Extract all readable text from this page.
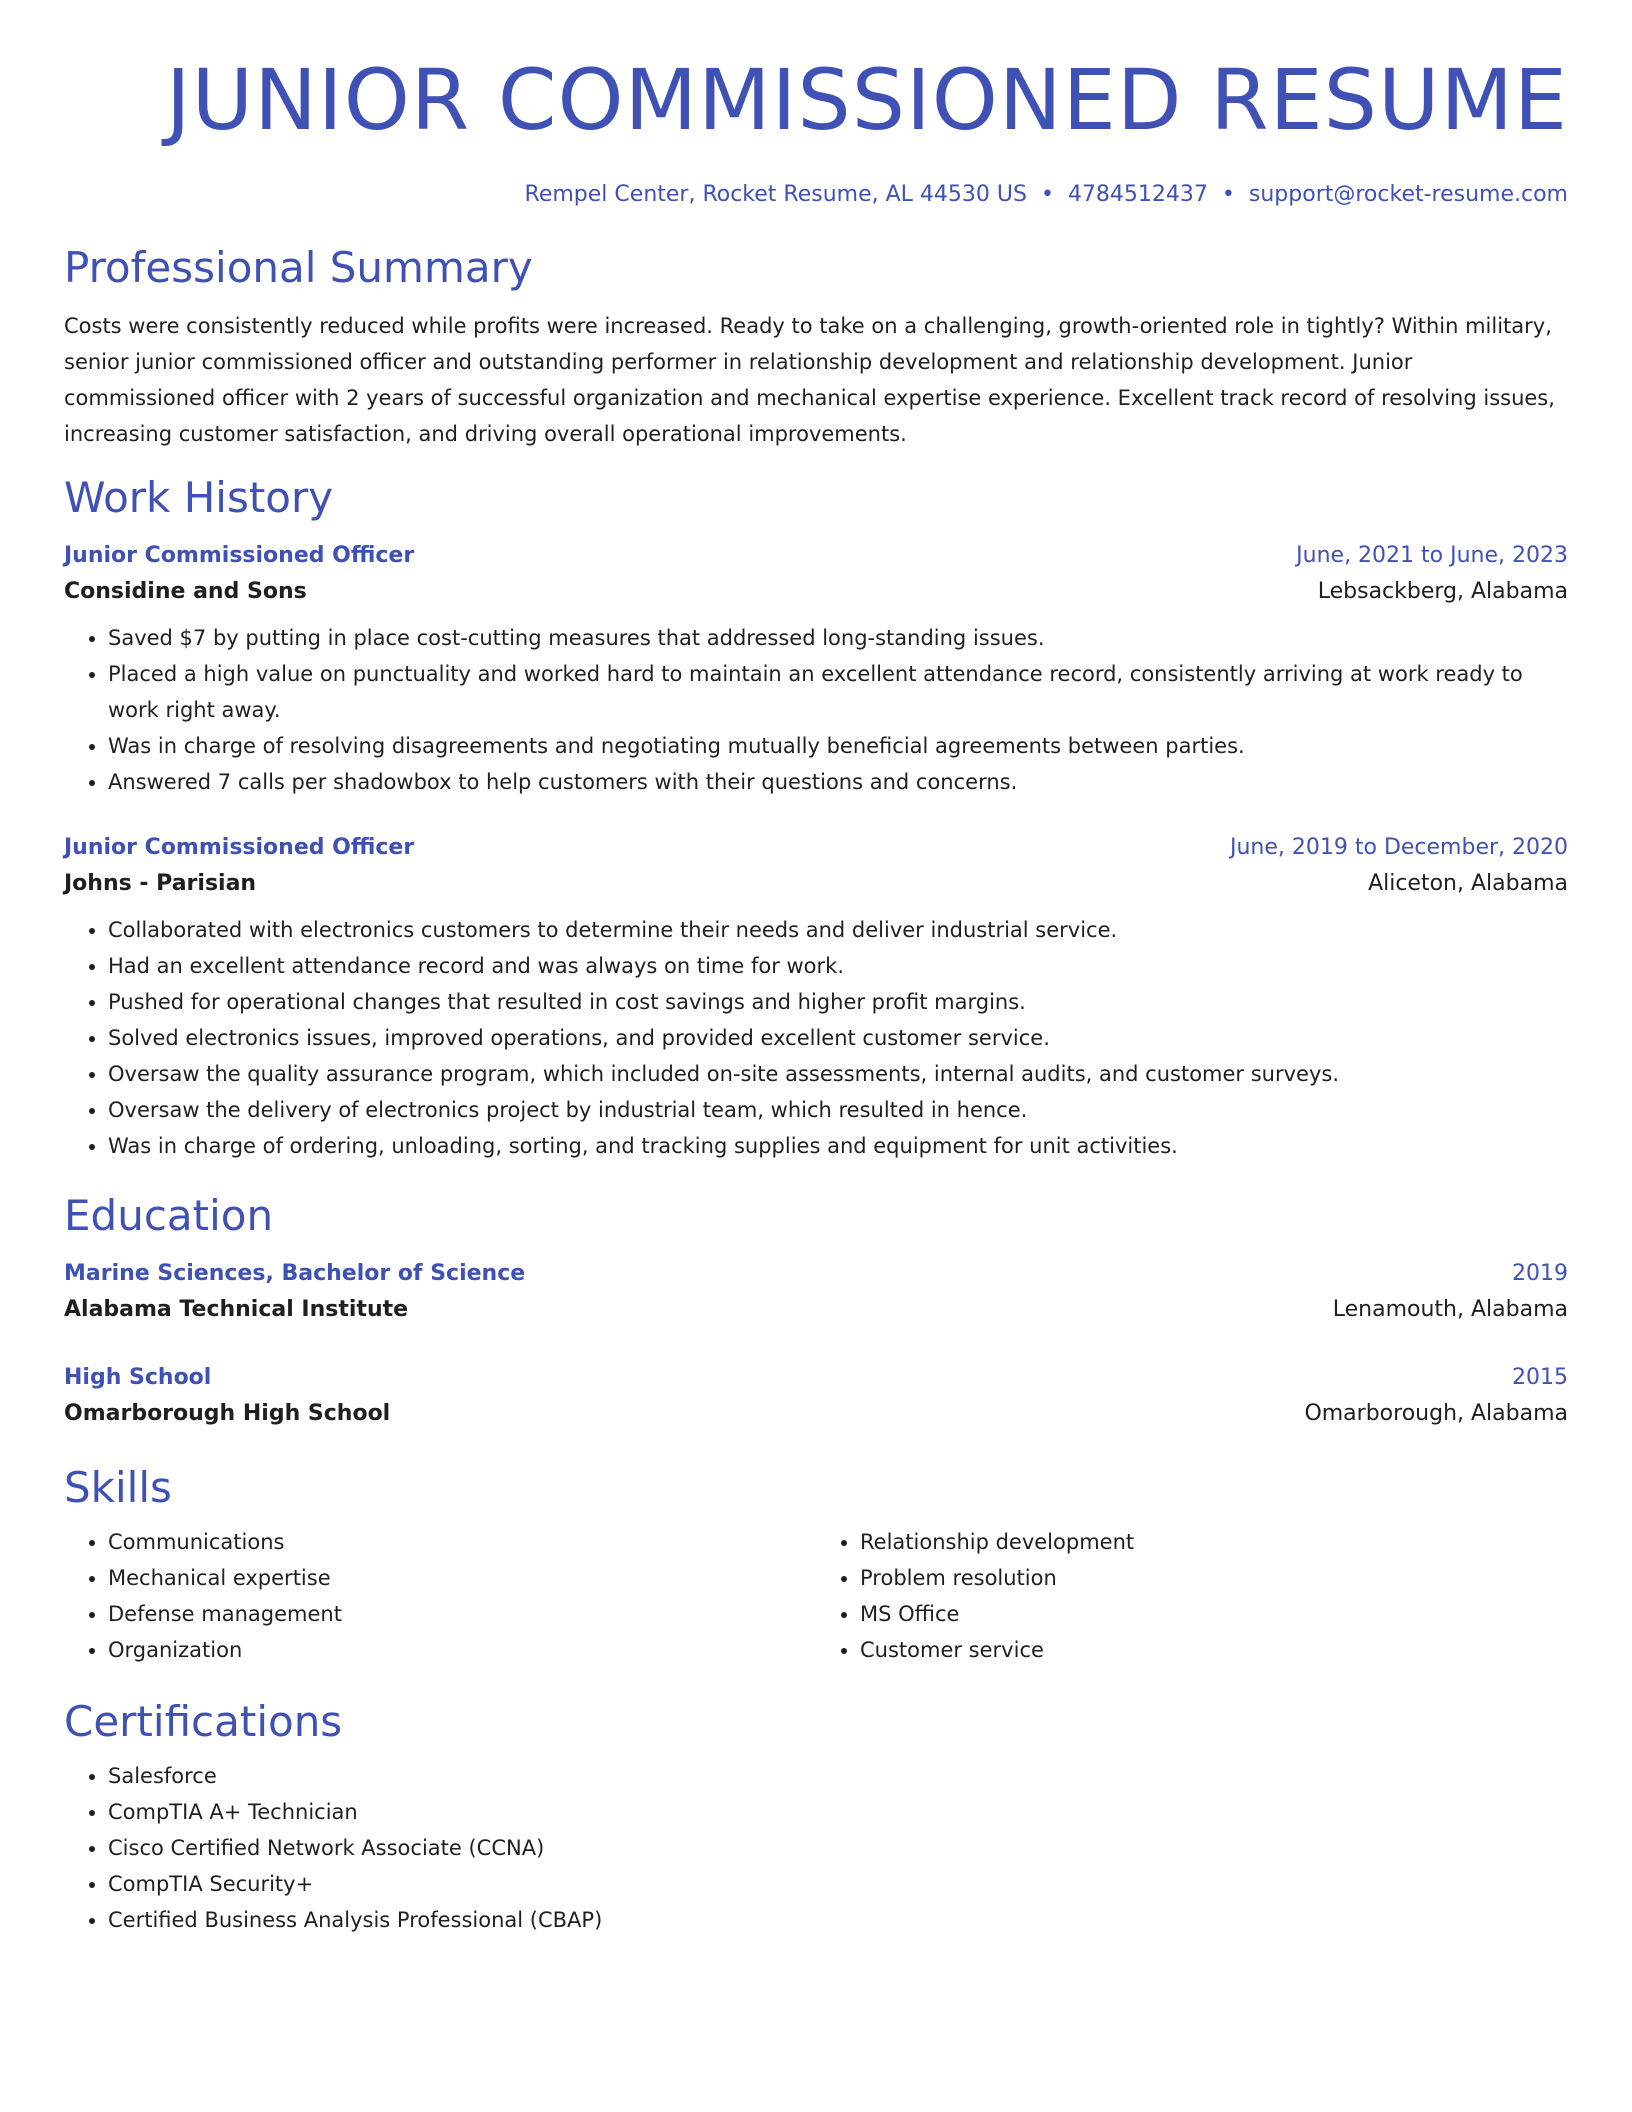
JUNIOR COMMISSIONED RESUME
Rempel Center, Rocket Resume, AL 44530 US • 4784512437 • support@rocket-resume.com
Professional Summary

Costs were consistently reduced while profits were increased. Ready to take on a challenging, growth-oriented role in tightly? Within military, senior junior commissioned officer and outstanding performer in relationship development and relationship development. Junior commissioned officer with 2 years of successful organization and mechanical expertise experience. Excellent track record of resolving issues, increasing customer satisfaction, and driving overall operational improvements.

Work History
Junior Commissioned Officer	June, 2021 to June, 2023
Considine and Sons	Lebsackberg, Alabama
• Saved $7 by putting in place cost-cutting measures that addressed long-standing issues.
• Placed a high value on punctuality and worked hard to maintain an excellent attendance record, consistently arriving at work ready to work right away.
• Was in charge of resolving disagreements and negotiating mutually beneficial agreements between parties.
• Answered 7 calls per shadowbox to help customers with their questions and concerns.
Junior Commissioned Officer	June, 2019 to December, 2020
Johns - Parisian	Aliceton, Alabama
• Collaborated with electronics customers to determine their needs and deliver industrial service.
• Had an excellent attendance record and was always on time for work.
• Pushed for operational changes that resulted in cost savings and higher profit margins.
• Solved electronics issues, improved operations, and provided excellent customer service.
• Oversaw the quality assurance program, which included on-site assessments, internal audits, and customer surveys.
• Oversaw the delivery of electronics project by industrial team, which resulted in hence.
• Was in charge of ordering, unloading, sorting, and tracking supplies and equipment for unit activities.
Education
Marine Sciences, Bachelor of Science	2019
Alabama Technical Institute	Lenamouth, Alabama
High School	2015
Omarborough High School	Omarborough, Alabama
Skills
• Communications
• Mechanical expertise
• Defense management
• Organization
• Relationship development
• Problem resolution
• MS Office
• Customer service
Certifications
• Salesforce
• CompTIA A+ Technician
• Cisco Certified Network Associate (CCNA)
• CompTIA Security+
• Certified Business Analysis Professional (CBAP)
